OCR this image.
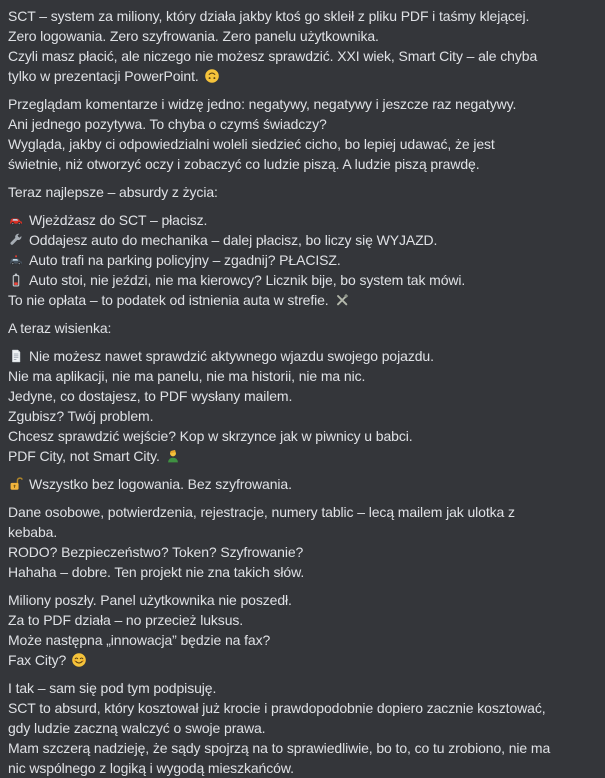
SCT – system za miliony, który działa jakby ktoś go skleił z pliku PDF i taśmy klejącej.
Zero logowania. Zero szyfrowania. Zero panelu użytkownika.
Czyli masz płacić, ale niczego nie możesz sprawdzić. XXI wiek, Smart City – ale chyba
tylko w prezentacji PowerPoint.
Przeglądam komentarze i widzę jedno: negatywy, negatywy i jeszcze raz negatywy.
Ani jednego pozytywa. To chyba o czymś świadczy?
Wygląda, jakby ci odpowiedzialni woleli siedzieć cicho, bo lepiej udawać, że jest
świetnie, niż otworzyć oczy i zobaczyć co ludzie piszą. A ludzie piszą prawdę.
Teraz najlepsze – absurdy z życia:
Wjeżdżasz do SCT – płacisz.
Oddajesz auto do mechanika – dalej płacisz, bo liczy się WYJAZD.
Auto trafi na parking policyjny – zgadnij? PŁACISZ.
Auto stoi, nie jeździ, nie ma kierowcy? Licznik bije, bo system tak mówi.
To nie opłata – to podatek od istnienia auta w strefie.
A teraz wisienka:
Nie możesz nawet sprawdzić aktywnego wjazdu swojego pojazdu.
Nie ma aplikacji, nie ma panelu, nie ma historii, nie ma nic.
Jedyne, co dostajesz, to PDF wysłany mailem.
Zgubisz? Twój problem.
Chcesz sprawdzić wejście? Kop w skrzynce jak w piwnicy u babci.
PDF City, not Smart City.
Wszystko bez logowania. Bez szyfrowania.
Dane osobowe, potwierdzenia, rejestracje, numery tablic – lecą mailem jak ulotka z
kebaba.
RODO? Bezpieczeństwo? Token? Szyfrowanie?
Hahaha – dobre. Ten projekt nie zna takich słów.
Miliony poszły. Panel użytkownika nie poszedł.
Za to PDF działa – no przecież luksus.
Może następna „innowacja” będzie na fax?
Fax City?
I tak – sam się pod tym podpisuję.
SCT to absurd, który kosztował już krocie i prawdopodobnie dopiero zacznie kosztować,
gdy ludzie zaczną walczyć o swoje prawa.
Mam szczerą nadzieję, że sądy spojrzą na to sprawiedliwie, bo to, co tu zrobiono, nie ma
nic wspólnego z logiką i wygodą mieszkańców.
